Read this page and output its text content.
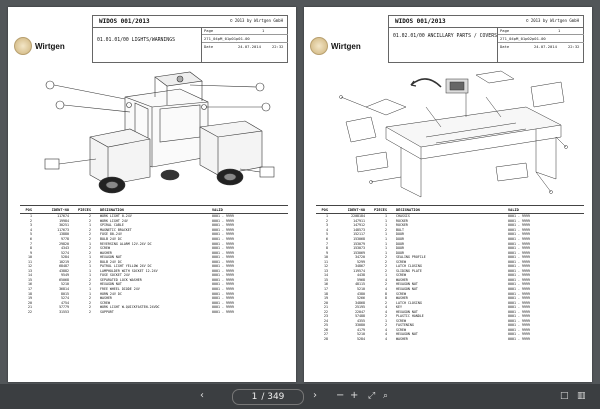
Wirtgen
WIDOS 001/2013	© 2013 by Wirtgen GmbH
01.01.01/00 LIGHTS/WARNINGS
Page	1
271_04pM_01p01p01-00
Date	24.07.2014	22:32
POS	IDENT-NO	PIECES	DESIGNATION	VALID
1	117674	2	WORK LIGHT 0-24V	0001 - 9999
2	19984	2	WORK LIGHT 24V	0001 - 9999
3	30251	1	SPIRAL CABLE	0001 - 9999
4	117673	2	MAGNETIC BRACKET	0001 - 9999
5	13880	2	FUSE 80-24V	0001 - 9999
6	9778	2	BULB 24V DC	0001 - 9999
7	29820	1	REVERSING ALARM 12V-24V DC	0001 - 9999
8	4343	2	SCREW	0001 - 9999
9	5274	2	WASHER	0001 - 9999
10	5284	1	HEXAGON NUT	0001 - 9999
11	10219	2	BULB 24V DC	0001 - 9999
12	68487	1	PATROL LIGHT YELLOW 24V DC	0001 - 9999
13	43882	1	LAMPHOLDER WITH SOCKET 12-24V	0001 - 9999
14	9549	1	FUSE SOCKET 24V	0001 - 9999
15	65068	2	SEPARATED LOCK WASHER	0001 - 9999
16	5210	2	HEXAGON NUT	0001 - 9999
17	36814	1	FREE WHEEL DIODE 24V	0001 - 9999
18	8015	1	HORN 24V DC	0001 - 9999
19	5274	2	WASHER	0001 - 9999
20	4754	2	SCREW	0001 - 9999
21	57779	2	WORK LIGHT W.QUICKFASTEN.24VDC	0001 - 9999
22	31553	2	SUPPORT	0001 - 9999
Wirtgen
WIDOS 001/2013	© 2013 by Wirtgen GmbH
01.02.01/00 ANCILLARY PARTS / COVERS
Page	1
271_04pM_01p02p01-00
Date	24.07.2014	22:32
POS	IDENT-NO	PIECES	DESIGNATION	VALID
1	2208184	1	CHASSIS	0001 - 9999
2	147911	1	ROCKER	0001 - 9999
3	147912	1	ROCKER	0001 - 9999
4	148573	2	BOLT	0001 - 9999
5	152117	1	DOOR	0001 - 9999
6	153068	1	DOOR	0001 - 9999
7	153079	1	DOOR	0001 - 9999
8	153073	1	DOOR	0001 - 9999
9	153069	1	DOOR	0001 - 9999
10	34720	2	SEALING PROFILE	0001 - 9999
11	5299	2	SCREW	0001 - 9999
12	34867	2	LATCH CLOSING	0001 - 9999
13	119574	2	SLIDING PLATE	0001 - 9999
14	4438	1	SCREW	0001 - 9999
15	5968	4	WASHER	0001 - 9999
16	48115	2	HEXAGON NUT	0001 - 9999
17	5210	4	HEXAGON NUT	0001 - 9999
18	4380	8	SCREW	0001 - 9999
19	5266	8	WASHER	0001 - 9999
20	34868	2	LATCH CLOSING	0001 - 9999
21	25195	4	KEY	0001 - 9999
22	22047	4	HEXAGON NUT	0001 - 9999
23	57488	2	PLASTIC HANDLE	0001 - 9999
24	4355	1	SCREW	0001 - 9999
25	33080	2	FASTENING	0001 - 9999
26	4179	4	SCREW	0001 - 9999
27	5210	4	HEXAGON NUT	0001 - 9999
28	5284	4	WASHER	0001 - 9999
‹	1 / 349	› − + ⤢ ⌕	□ ▥
